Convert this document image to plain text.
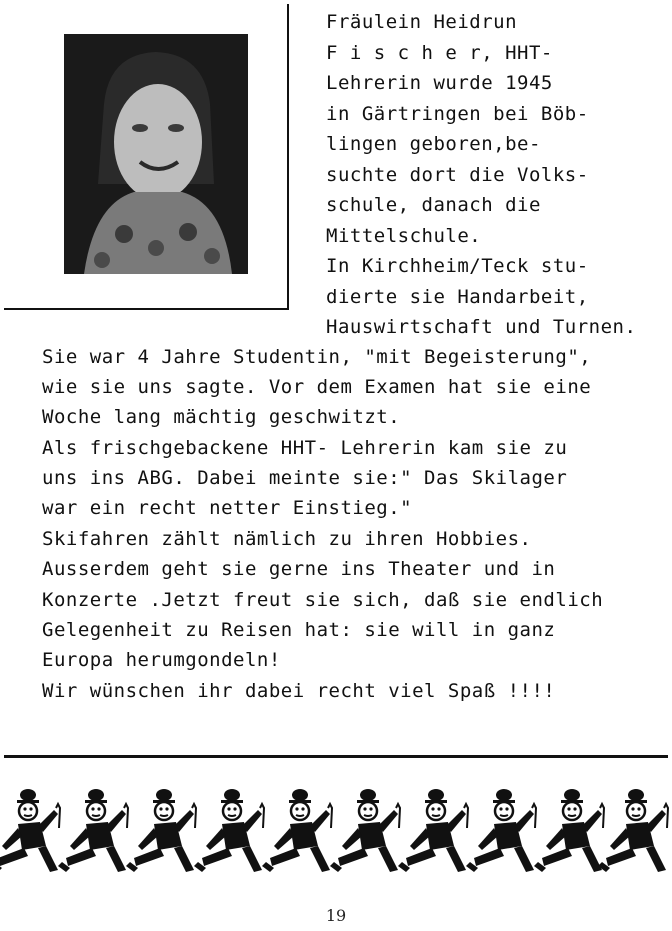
Fräulein Heidrun
F i s c h e r, HHT-
Lehrerin wurde 1945
in Gärtringen bei Böb-
lingen geboren,be-
suchte dort die Volks-
schule, danach die
Mittelschule.
In Kirchheim/Teck stu-
dierte sie Handarbeit,
Hauswirtschaft und Turnen.
Sie war 4 Jahre Studentin, "mit Begeisterung",
wie sie uns sagte. Vor dem Examen hat sie eine
Woche lang mächtig geschwitzt.
Als frischgebackene HHT- Lehrerin kam sie zu
uns ins ABG. Dabei meinte sie:" Das Skilager
war ein recht netter Einstieg."
Skifahren zählt nämlich zu ihren Hobbies.
Ausserdem geht sie gerne ins Theater und in
Konzerte .Jetzt freut sie sich, daß sie endlich
Gelegenheit zu Reisen hat: sie will in ganz
Europa herumgondeln!
Wir wünschen ihr dabei recht viel Spaß !!!!
19
